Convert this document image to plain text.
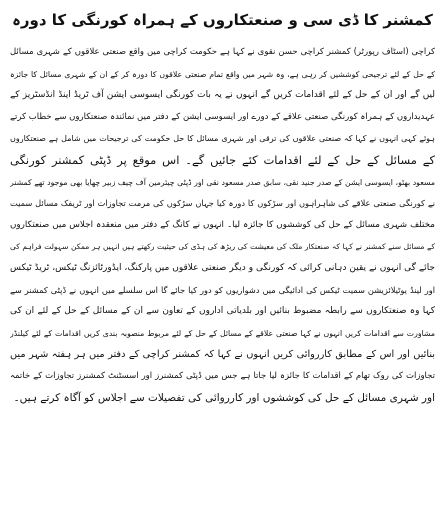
کمشنر کا ڈی سی و صنعتکاروں کے ہمراہ کورنگی کا دورہ
کراچی (اسٹاف رپورٹر) کمشنر کراچی حسن نقوی نے کہا ہے حکومت کراچی میں واقع صنعتی علاقوں کے شہری مسائل
کے حل کے لئے ترجیحی کوششیں کر رہی ہے، وہ شہر میں واقع تمام صنعتی علاقوں کا دورہ کر کے ان کے شہری مسائل کا جائزہ
لیں گے اور ان کے حل کے لئے اقدامات کریں گے انہوں نے یہ بات کورنگی ایسوسی ایشن آف ٹریڈ اینڈ انڈسٹریز کے
عہدیداروں کے ہمراہ کورنگی صنعتی علاقے کے دورے اور ایسوسی ایشن کے دفتر میں نمائندہ صنعتکاروں سے خطاب کرتے
ہوئے کہی انہوں نے کہا کہ صنعتی علاقوں کی ترقی اور شہری مسائل کا حل حکومت کی ترجیحات میں شامل ہے صنعتکاروں
کے مسائل کے حل کے لئے اقدامات کئے جائیں گے۔ اس موقع پر ڈپٹی کمشنر کورنگی
مسعود بھٹو، ایسوسی ایشن کے صدر جنید نقی، سابق صدر مسعود نقی اور ڈپٹی چیئرمین آف چیف زبیر چھایا بھی موجود تھے کمشنر
نے کورنگی صنعتی علاقے کی شاہراہوں اور سڑکوں کا دورہ کیا جہاں سڑکوں کی مرمت تجاوزات اور ٹریفک مسائل سمیت
مختلف شہری مسائل کے حل کی کوششوں کا جائزہ لیا۔ انہوں نے کانگ کے دفتر میں منعقدہ اجلاس میں صنعتکاروں
کے مسائل سنے کمشنر نے کہا کہ صنعتکار ملک کی معیشت کی ریڑھ کی ہڈی کی حیثیت رکھتے ہیں انہیں ہر ممکن سہولت فراہم کی
جائے گی انہوں نے یقین دہانی کرائی کہ کورنگی و دیگر صنعتی علاقوں میں پارکنگ، ایڈورٹائزنگ ٹیکس، ٹریڈ ٹیکس
اور لینڈ یوٹیلائزیشن سمیت ٹیکس کی ادائیگی میں دشواریوں کو دور کیا جائے گا اس سلسلے میں انہوں نے ڈپٹی کمشنر سے
کہا وہ صنعتکاروں سے رابطہ مضبوط بنائیں اور بلدیاتی اداروں کے تعاون سے ان کے مسائل کے حل کے لئے ان کی
مشاورت سے اقدامات کریں انہوں نے کہا صنعتی علاقے کے مسائل کے حل کے لئے مربوط منصوبہ بندی کریں اقدامات کے لئے کیلنڈر
بنائیں اور اس کے مطابق کارروائی کریں انہوں نے کہا کہ کمشنر کراچی کے دفتر میں ہر ہفتہ شہر میں
تجاوزات کی روک تھام کے اقدامات کا جائزہ لیا جاتا ہے جس میں ڈپٹی کمشنرز اور اسسٹنٹ کمشنرز تجاوزات کے خاتمہ
اور شہری مسائل کے حل کی کوششوں اور کارروائی کی تفصیلات سے اجلاس کو آگاہ کرتے ہیں۔
